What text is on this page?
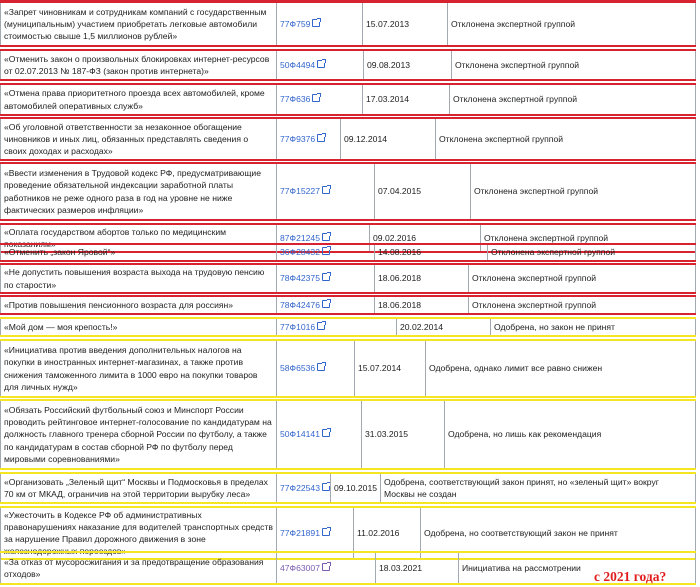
«Запрет чиновникам и сотрудникам компаний с государственным (муниципальным) участием приобретать легковые автомобили стоимостью свыше 1,5 миллионов рублей»	77Ф759	15.07.2013	Отклонена экспертной группой
«Отменить закон о произвольных блокировках интернет-ресурсов от 02.07.2013 № 187-ФЗ (закон против интернета)»	50Ф4494	09.08.2013	Отклонена экспертной группой
«Отмена права приоритетного проезда всех автомобилей, кроме автомобилей оперативных служб»	77Ф636	17.03.2014	Отклонена экспертной группой
«Об уголовной ответственности за незаконное обогащение чиновников и иных лиц, обязанных представлять сведения о своих доходах и расходах»	77Ф9376	09.12.2014	Отклонена экспертной группой
«Ввести изменения в Трудовой кодекс РФ, предусматривающие проведение обязательной индексации заработной платы работников не реже одного раза в год на уровне не ниже фактических размеров инфляции»	77Ф15227	07.04.2015	Отклонена экспертной группой
«Оплата государством абортов только по медицинским показаниям»	87Ф21245	09.02.2016	Отклонена экспертной группой
«Отменить „закон Яровой“»	36Ф28432	14.08.2016	Отклонена экспертной группой
«Не допустить повышения возраста выхода на трудовую пенсию по старости»	78Ф42375	18.06.2018	Отклонена экспертной группой
«Против повышения пенсионного возраста для россиян»	78Ф42476	18.06.2018	Отклонена экспертной группой
«Мой дом — моя крепость!»	77Ф1016	20.02.2014	Одобрена, но закон не принят
«Инициатива против введения дополнительных налогов на покупки в иностранных интернет-магазинах, а также против снижения таможенного лимита в 1000 евро на покупки товаров для личных нужд»	58Ф6536	15.07.2014	Одобрена, однако лимит все равно снижен
«Обязать Российский футбольный союз и Минспорт России проводить рейтинговое интернет-голосование по кандидатурам на должность главного тренера сборной России по футболу, а также по кандидатурам в состав сборной РФ по футболу перед мировыми соревнованиями»	50Ф14141	31.03.2015	Одобрена, но лишь как рекомендация
«Организовать „Зеленый щит“ Москвы и Подмосковья в пределах 70 км от МКАД, ограничив на этой территории вырубку леса»	77Ф22543	09.10.2015	Одобрена, соответствующий закон принят, но «зеленый щит» вокруг Москвы не создан
«Ужесточить в Кодексе РФ об административных правонарушениях наказание для водителей транспортных средств за нарушение Правил дорожного движения в зоне железнодорожных переездов»	77Ф21891	11.02.2016	Одобрена, но соответствующий закон не принят
«За отказ от мусоросжигания и за предотвращение образования отходов»	47Ф63007	18.03.2021	Инициатива на рассмотрении
с 2021 года?
